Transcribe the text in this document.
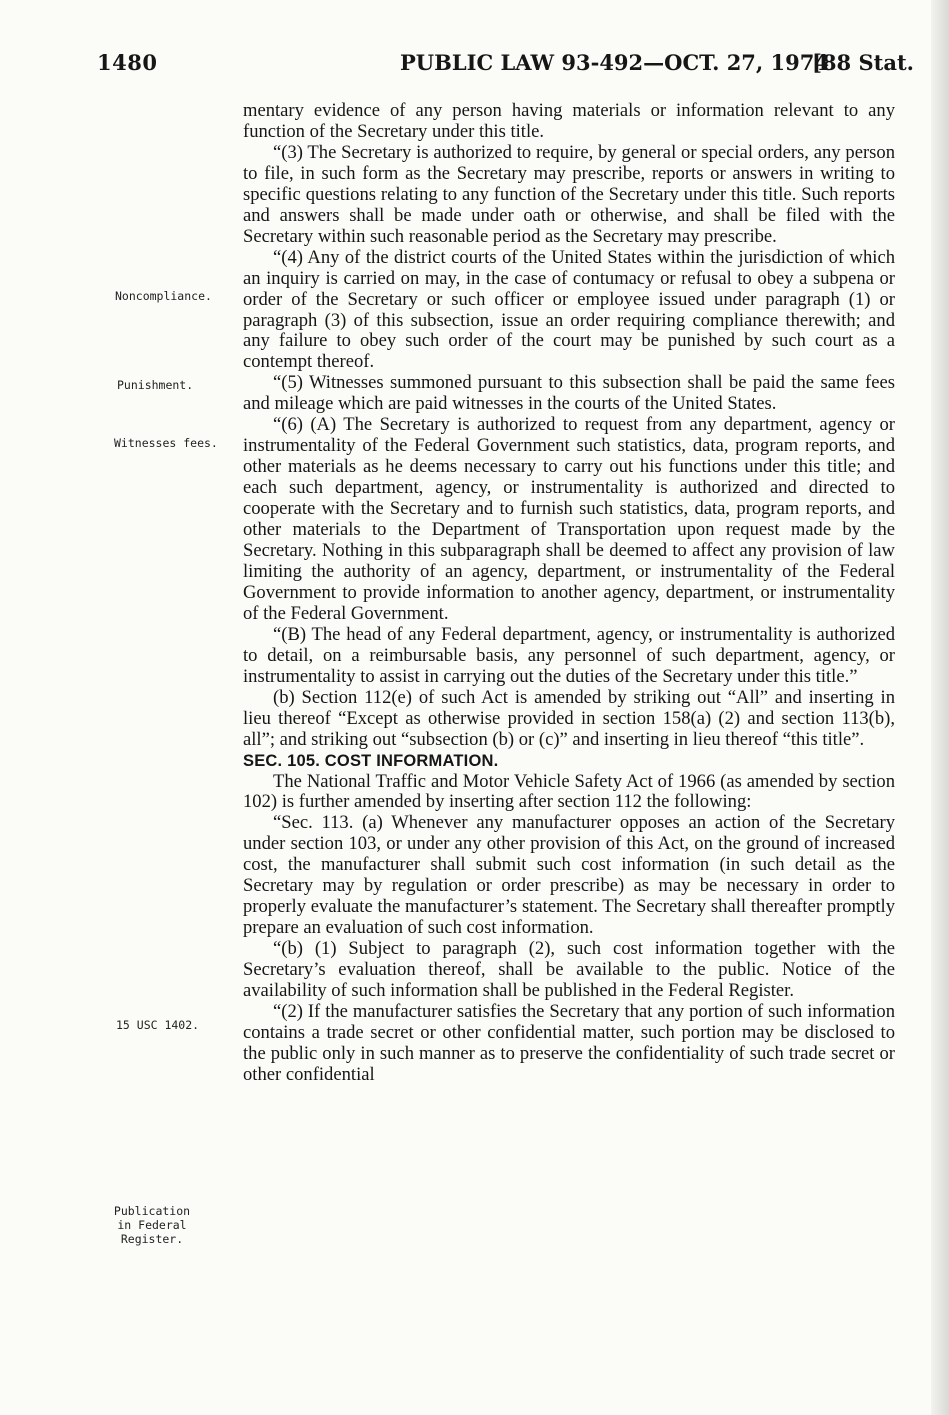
1480	PUBLIC LAW 93-492—OCT. 27, 1974
[88 Stat.
Noncompliance.
Punishment.
Witnesses fees.
15 USC 1402.
Publication in Federal Register.

mentary evidence of any person having materials or information relevant to any function of the Secretary under this title.

“(3) The Secretary is authorized to require, by general or special orders, any person to file, in such form as the Secretary may prescribe, reports or answers in writing to specific questions relating to any function of the Secretary under this title. Such reports and answers shall be made under oath or otherwise, and shall be filed with the Secretary within such reasonable period as the Secretary may prescribe.

“(4) Any of the district courts of the United States within the jurisdiction of which an inquiry is carried on may, in the case of contumacy or refusal to obey a subpena or order of the Secretary or such officer or employee issued under paragraph (1) or paragraph (3) of this subsection, issue an order requiring compliance therewith; and any failure to obey such order of the court may be punished by such court as a contempt thereof.

“(5) Witnesses summoned pursuant to this subsection shall be paid the same fees and mileage which are paid witnesses in the courts of the United States.

“(6) (A) The Secretary is authorized to request from any department, agency or instrumentality of the Federal Government such statistics, data, program reports, and other materials as he deems necessary to carry out his functions under this title; and each such department, agency, or instrumentality is authorized and directed to cooperate with the Secretary and to furnish such statistics, data, program reports, and other materials to the Department of Transportation upon request made by the Secretary. Nothing in this subparagraph shall be deemed to affect any provision of law limiting the authority of an agency, department, or instrumentality of the Federal Government to provide information to another agency, department, or instrumentality of the Federal Government.

“(B) The head of any Federal department, agency, or instrumentality is authorized to detail, on a reimbursable basis, any personnel of such department, agency, or instrumentality to assist in carrying out the duties of the Secretary under this title.”

(b) Section 112(e) of such Act is amended by striking out “All” and inserting in lieu thereof “Except as otherwise provided in section 158(a) (2) and section 113(b), all”; and striking out “subsection (b) or (c)” and inserting in lieu thereof “this title”.

SEC. 105. COST INFORMATION.

The National Traffic and Motor Vehicle Safety Act of 1966 (as amended by section 102) is further amended by inserting after section 112 the following:

“Sec. 113. (a) Whenever any manufacturer opposes an action of the Secretary under section 103, or under any other provision of this Act, on the ground of increased cost, the manufacturer shall submit such cost information (in such detail as the Secretary may by regulation or order prescribe) as may be necessary in order to properly evaluate the manufacturer’s statement. The Secretary shall thereafter promptly prepare an evaluation of such cost information.

“(b) (1) Subject to paragraph (2), such cost information together with the Secretary’s evaluation thereof, shall be available to the public. Notice of the availability of such information shall be published in the Federal Register.

“(2) If the manufacturer satisfies the Secretary that any portion of such information contains a trade secret or other confidential matter, such portion may be disclosed to the public only in such manner as to preserve the confidentiality of such trade secret or other confidential
